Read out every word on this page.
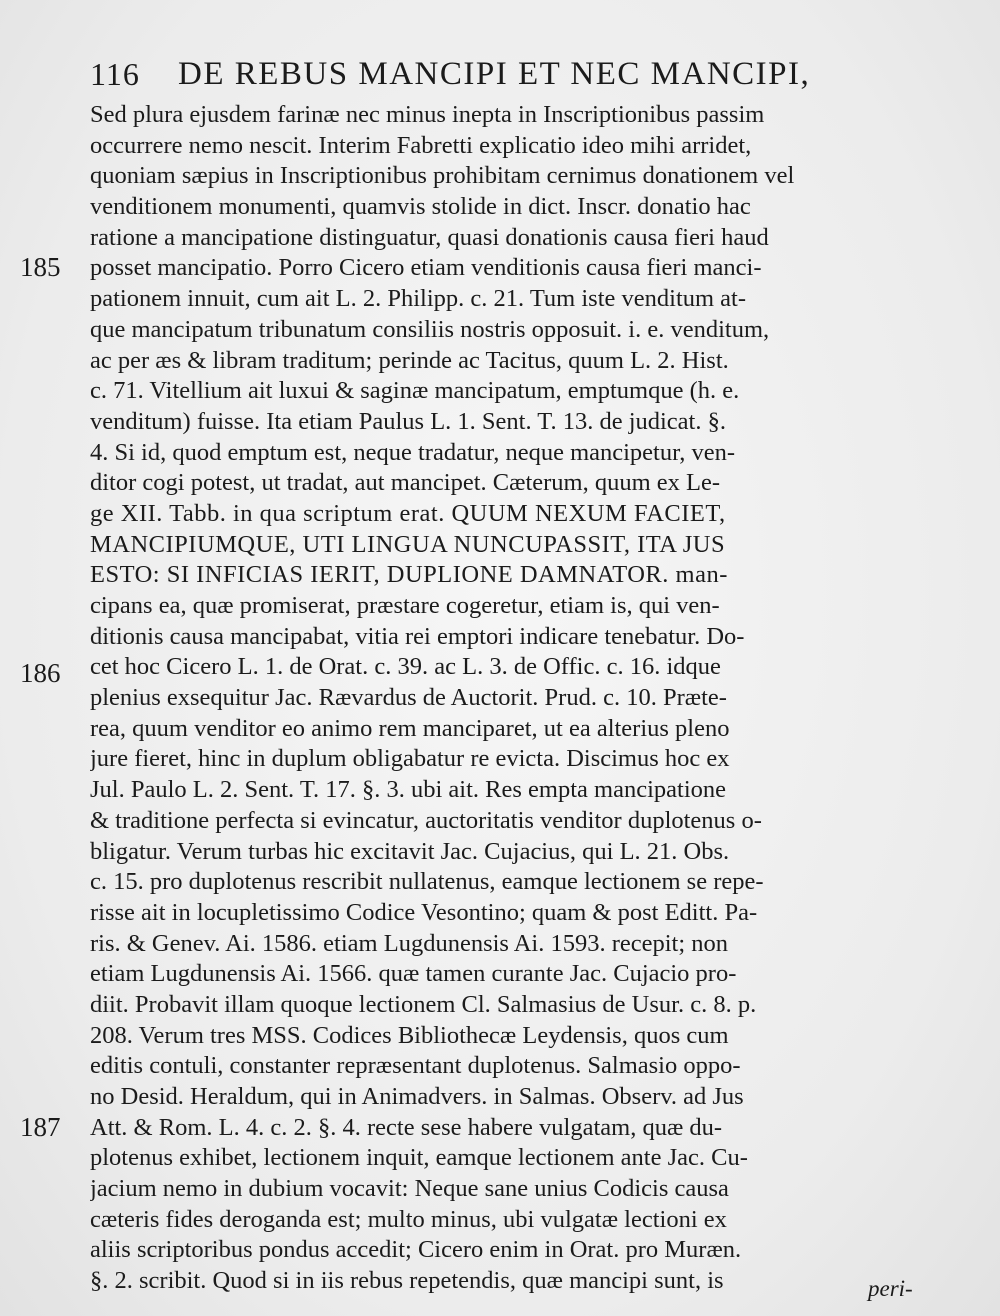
116 DE REBUS MANCIPI ET NEC MANCIPI,
185
186
187
Sed plura ejusdem farinæ nec minus inepta in Inscriptionibus passim
occurrere nemo nescit. Interim Fabretti explicatio ideo mihi arridet,
quoniam sæpius in Inscriptionibus prohibitam cernimus donationem vel
venditionem monumenti, quamvis stolide in dict. Inscr. donatio hac
ratione a mancipatione distinguatur, quasi donationis causa fieri haud
posset mancipatio. Porro Cicero etiam venditionis causa fieri manci-
pationem innuit, cum ait L. 2. Philipp. c. 21. Tum iste venditum at-
que mancipatum tribunatum consiliis nostris opposuit. i. e. venditum,
ac per æs & libram traditum; perinde ac Tacitus, quum L. 2. Hist.
c. 71. Vitellium ait luxui & saginæ mancipatum, emptumque (h. e.
venditum) fuisse. Ita etiam Paulus L. 1. Sent. T. 13. de judicat. §.
4. Si id, quod emptum est, neque tradatur, neque mancipetur, ven-
ditor cogi potest, ut tradat, aut mancipet. Cæterum, quum ex Le-
ge XII. Tabb. in qua scriptum erat. QUUM NEXUM FACIET,
MANCIPIUMQUE, UTI LINGUA NUNCUPASSIT, ITA JUS
ESTO: SI INFICIAS IERIT, DUPLIONE DAMNATOR. man-
cipans ea, quæ promiserat, præstare cogeretur, etiam is, qui ven-
ditionis causa mancipabat, vitia rei emptori indicare tenebatur. Do-
cet hoc Cicero L. 1. de Orat. c. 39. ac L. 3. de Offic. c. 16. idque
plenius exsequitur Jac. Rævardus de Auctorit. Prud. c. 10. Præte-
rea, quum venditor eo animo rem manciparet, ut ea alterius pleno
jure fieret, hinc in duplum obligabatur re evicta. Discimus hoc ex
Jul. Paulo L. 2. Sent. T. 17. §. 3. ubi ait. Res empta mancipatione
& traditione perfecta si evincatur, auctoritatis venditor duplotenus o-
bligatur. Verum turbas hic excitavit Jac. Cujacius, qui L. 21. Obs.
c. 15. pro duplotenus rescribit nullatenus, eamque lectionem se repe-
risse ait in locupletissimo Codice Vesontino; quam & post Editt. Pa-
ris. & Genev. Ai. 1586. etiam Lugdunensis Ai. 1593. recepit; non
etiam Lugdunensis Ai. 1566. quæ tamen curante Jac. Cujacio pro-
diit. Probavit illam quoque lectionem Cl. Salmasius de Usur. c. 8. p.
208. Verum tres MSS. Codices Bibliothecæ Leydensis, quos cum
editis contuli, constanter repræsentant duplotenus. Salmasio oppo-
no Desid. Heraldum, qui in Animadvers. in Salmas. Observ. ad Jus
Att. & Rom. L. 4. c. 2. §. 4. recte sese habere vulgatam, quæ du-
plotenus exhibet, lectionem inquit, eamque lectionem ante Jac. Cu-
jacium nemo in dubium vocavit: Neque sane unius Codicis causa
cæteris fides deroganda est; multo minus, ubi vulgatæ lectioni ex
aliis scriptoribus pondus accedit; Cicero enim in Orat. pro Muræn.
§. 2. scribit. Quod si in iis rebus repetendis, quæ mancipi sunt, is	peri-
